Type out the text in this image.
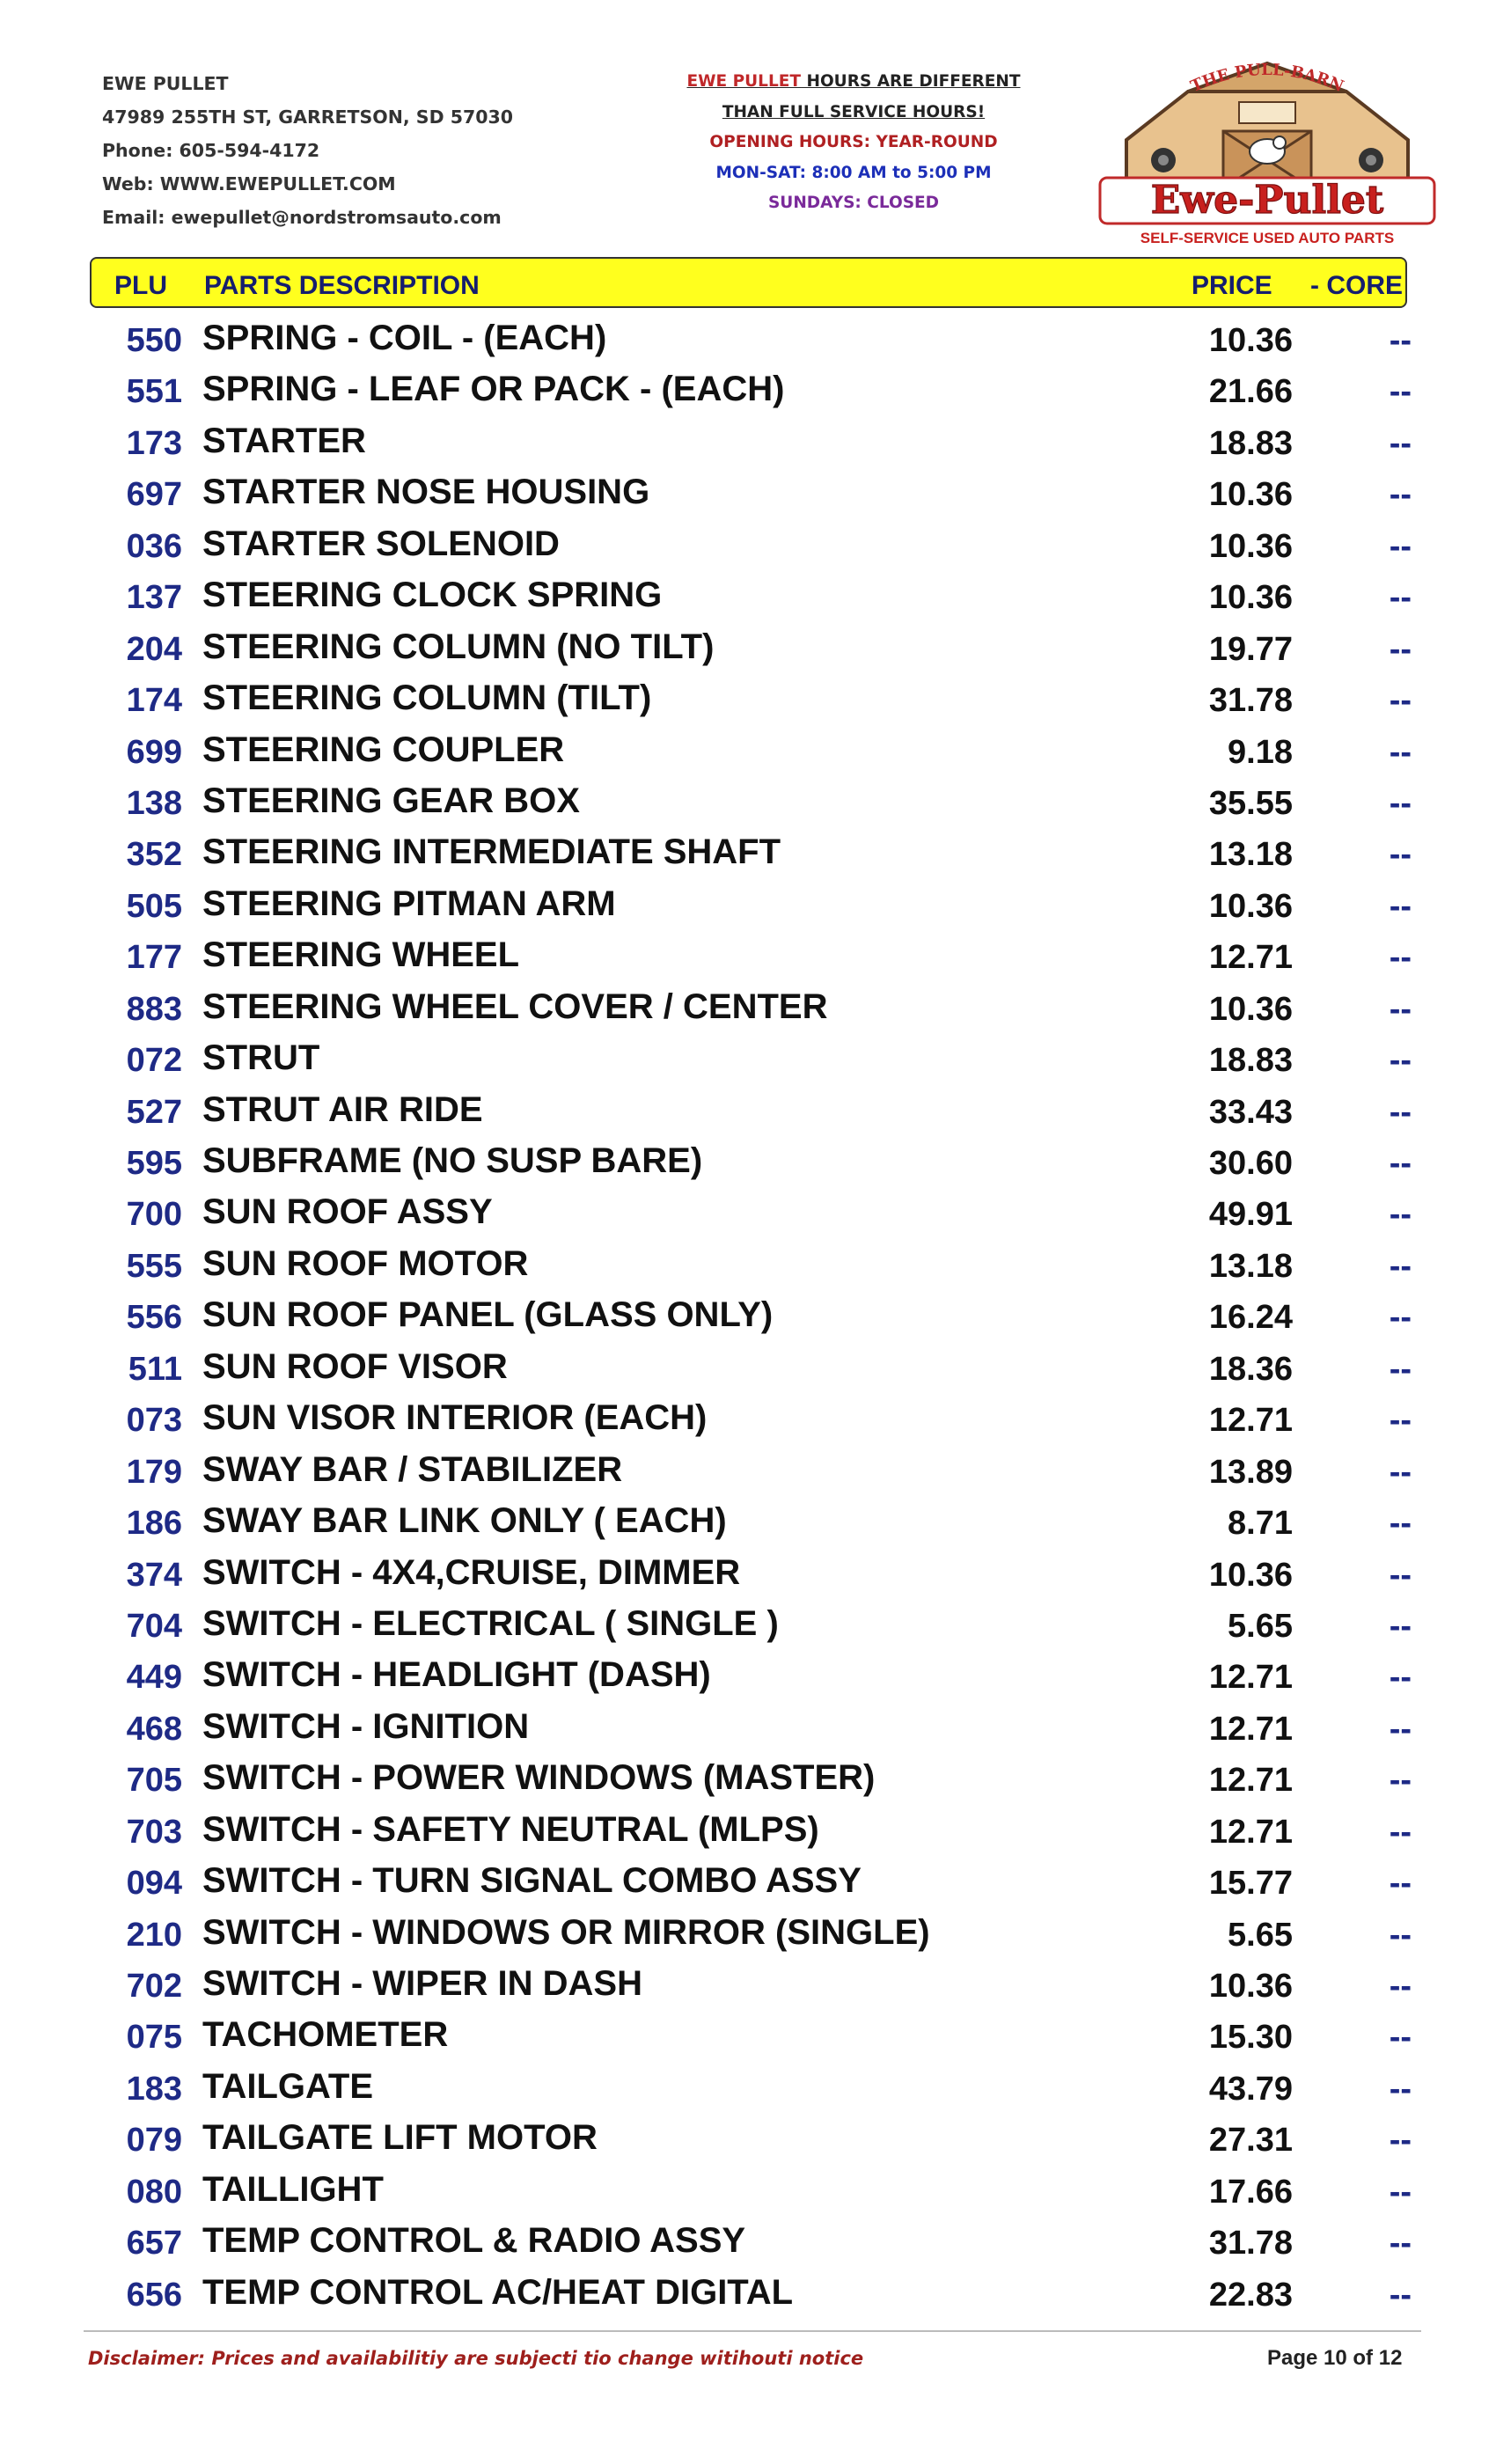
EWE PULLET
47989 255TH ST, GARRETSON, SD 57030
Phone: 605-594-4172
Web: WWW.EWEPULLET.COM
Email: ewepullet@nordstromsauto.com
EWE PULLET HOURS ARE DIFFERENT
THAN FULL SERVICE HOURS!
OPENING HOURS: YEAR-ROUND
MON-SAT: 8:00 AM to 5:00 PM
SUNDAYS: CLOSED
THE PULL-BARN
Ewe-Pullet
SELF-SERVICE USED AUTO PARTS
PLU PARTS DESCRIPTION	PRICE - CORE
550 SPRING - COIL - (EACH)	10.36	--
551 SPRING - LEAF OR PACK - (EACH)	21.66	--
173 STARTER	18.83	--
697 STARTER NOSE HOUSING	10.36	--
036 STARTER SOLENOID	10.36	--
137 STEERING CLOCK SPRING	10.36	--
204 STEERING COLUMN (NO TILT)	19.77	--
174 STEERING COLUMN (TILT)	31.78	--
699 STEERING COUPLER	9.18	--
138 STEERING GEAR BOX	35.55	--
352 STEERING INTERMEDIATE SHAFT	13.18	--
505 STEERING PITMAN ARM	10.36	--
177 STEERING WHEEL	12.71	--
883 STEERING WHEEL COVER / CENTER	10.36	--
072 STRUT	18.83	--
527 STRUT AIR RIDE	33.43	--
595 SUBFRAME (NO SUSP BARE)	30.60	--
700 SUN ROOF ASSY	49.91	--
555 SUN ROOF MOTOR	13.18	--
556 SUN ROOF PANEL (GLASS ONLY)	16.24	--
511 SUN ROOF VISOR	18.36	--
073 SUN VISOR INTERIOR (EACH)	12.71	--
179 SWAY BAR / STABILIZER	13.89	--
186 SWAY BAR LINK ONLY ( EACH)	8.71	--
374 SWITCH - 4X4,CRUISE, DIMMER	10.36	--
704 SWITCH - ELECTRICAL ( SINGLE )	5.65	--
449 SWITCH - HEADLIGHT (DASH)	12.71	--
468 SWITCH - IGNITION	12.71	--
705 SWITCH - POWER WINDOWS (MASTER)	12.71	--
703 SWITCH - SAFETY NEUTRAL (MLPS)	12.71	--
094 SWITCH - TURN SIGNAL COMBO ASSY	15.77	--
210 SWITCH - WINDOWS OR MIRROR (SINGLE)	5.65	--
702 SWITCH - WIPER IN DASH	10.36	--
075 TACHOMETER	15.30	--
183 TAILGATE	43.79	--
079 TAILGATE LIFT MOTOR	27.31	--
080 TAILLIGHT	17.66	--
657 TEMP CONTROL & RADIO ASSY	31.78	--
656 TEMP CONTROL AC/HEAT DIGITAL	22.83	--
Disclaimer: Prices and availabilitiy are subjecti tio change witihouti notice	Page 10 of 12
